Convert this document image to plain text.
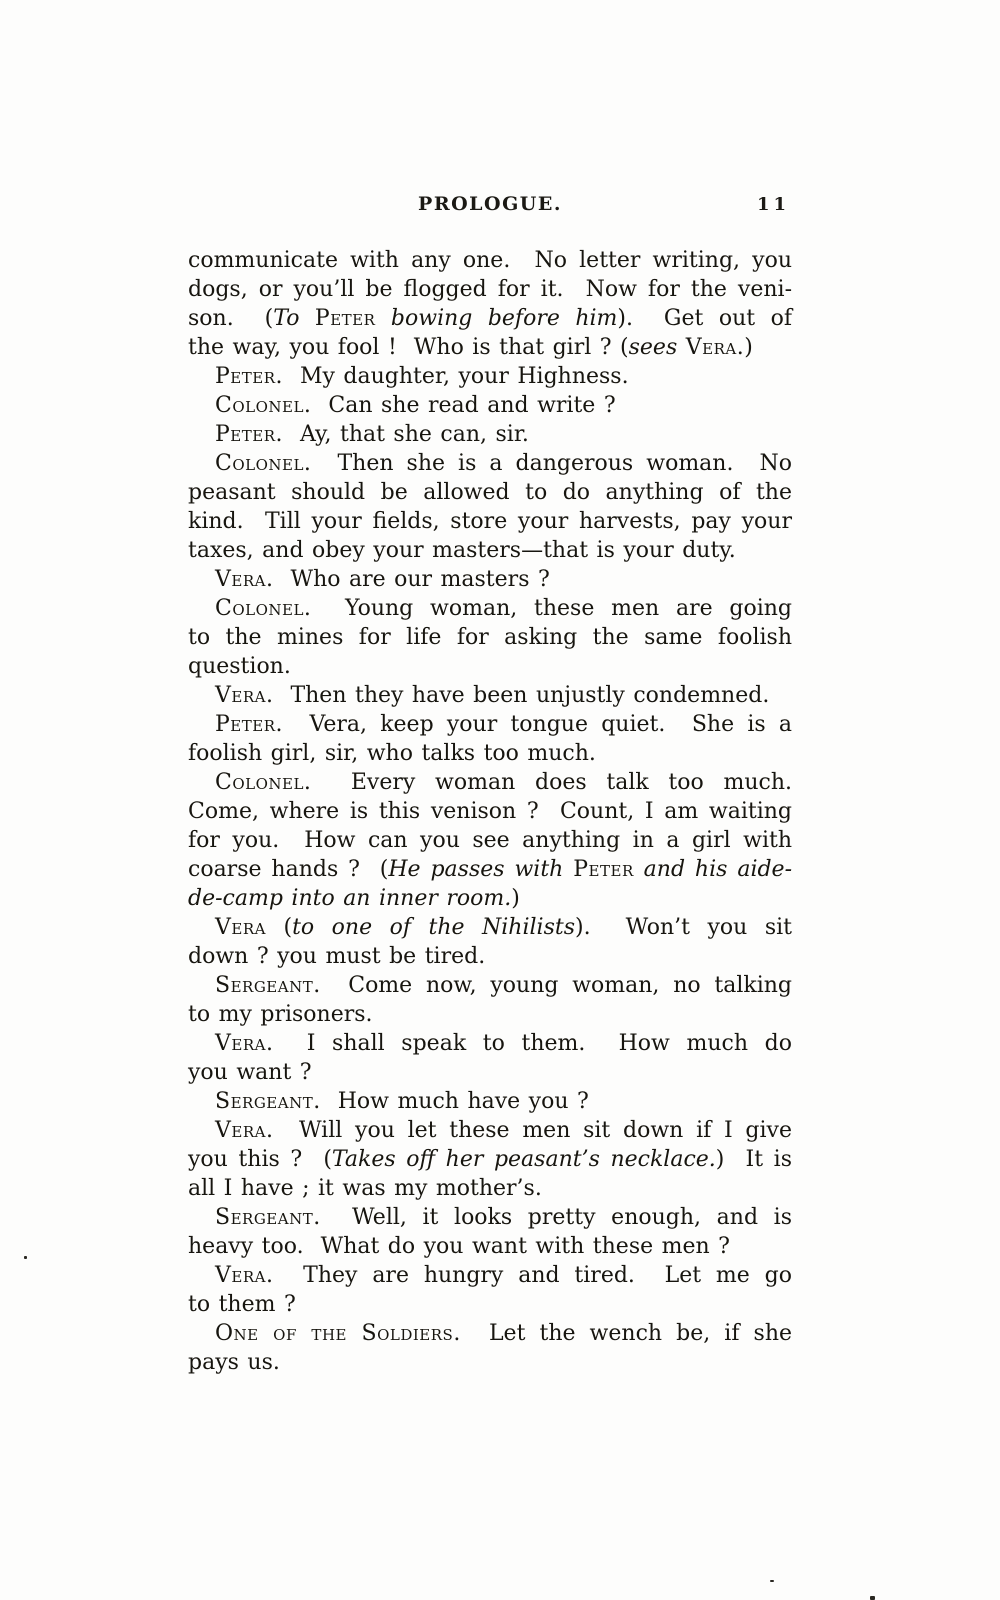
PROLOGUE.	11
communicate with any one.  No letter writing, you
dogs, or you’ll be flogged for it.  Now for the veni-
son.  (To Peter bowing before him).  Get out of
the way, you fool !  Who is that girl ? (sees Vera.)
Peter.  My daughter, your Highness.
Colonel.  Can she read and write ?
Peter.  Ay, that she can, sir.
Colonel.  Then she is a dangerous woman.  No
peasant should be allowed to do anything of the
kind.  Till your fields, store your harvests, pay your
taxes, and obey your masters—that is your duty.
Vera.  Who are our masters ?
Colonel.  Young woman, these men are going
to the mines for life for asking the same foolish
question.
Vera.  Then they have been unjustly condemned.
Peter.  Vera, keep your tongue quiet.  She is a
foolish girl, sir, who talks too much.
Colonel.  Every woman does talk too much.
Come, where is this venison ?  Count, I am waiting
for you.  How can you see anything in a girl with
coarse hands ?  (He passes with Peter and his aide-
de-camp into an inner room.)
Vera (to one of the Nihilists).  Won’t you sit
down ? you must be tired.
Sergeant.  Come now, young woman, no talking
to my prisoners.
Vera.  I shall speak to them.  How much do
you want ?
Sergeant.  How much have you ?
Vera.  Will you let these men sit down if I give
you this ?  (Takes off her peasant’s necklace.)  It is
all I have ; it was my mother’s.
Sergeant.  Well, it looks pretty enough, and is
heavy too.  What do you want with these men ?
Vera.  They are hungry and tired.  Let me go
to them ?
One of the Soldiers.  Let the wench be, if she
pays us.
